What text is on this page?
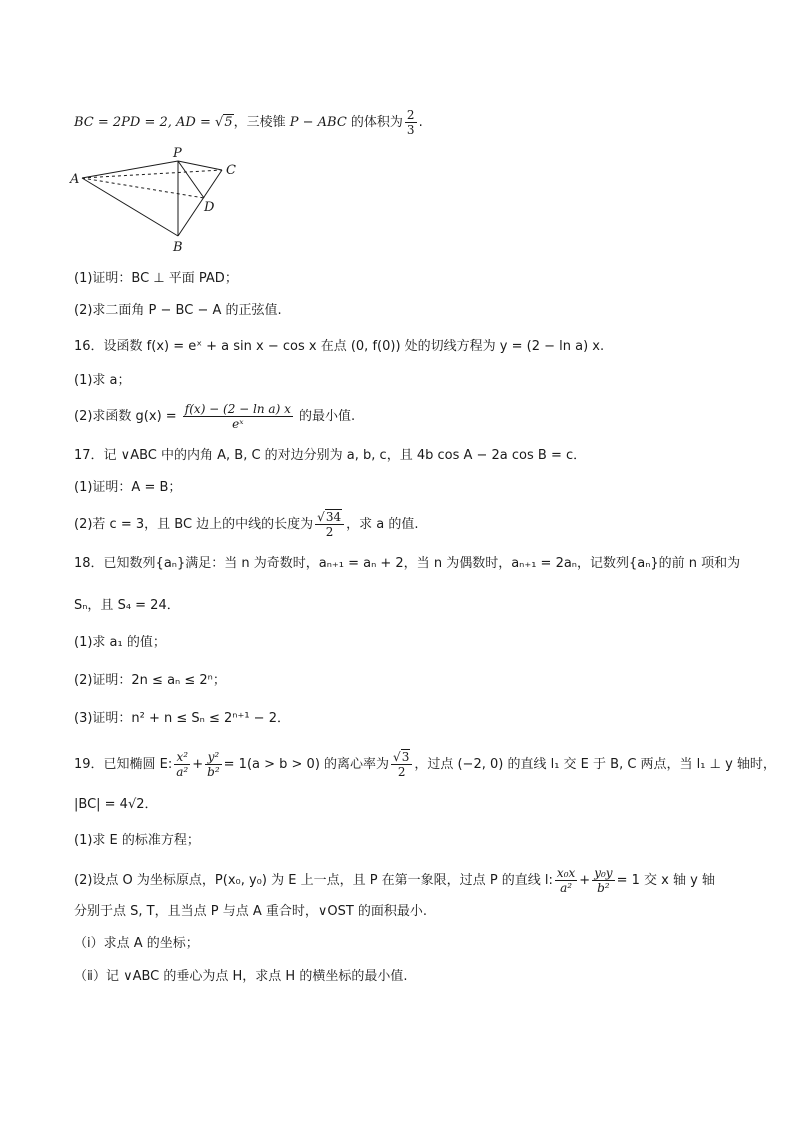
BC = 2PD = 2, AD = √5，三棱锥 P − ABC 的体积为 $\frac{2}{3}$ .
P
A
C
D
B
(1)证明：BC ⊥ 平面 PAD；
(2)求二面角 P − BC − A 的正弦值.
16．设函数 f(x) = eˣ + a sin x − cos x 在点 (0, f(0)) 处的切线方程为 y = (2 − ln a) x.
(1)求 a；
(2)求函数 $g(x) = \frac{\text{f(x) − (2 − ln a) x}}{\text{eˣ}}$ 的最小值.
17．记 ∨ABC 中的内角 A, B, C 的对边分别为 a, b, c，且 4b cos A − 2a cos B = c．
(1)证明：A = B；
(2)若 c = 3，且 BC 边上的中线的长度为 $\frac{√34}{2}$ ，求 a 的值.
18．已知数列{aₙ}满足：当 n 为奇数时，aₙ₊₁ = aₙ + 2，当 n 为偶数时，aₙ₊₁ = 2aₙ，记数列{aₙ}的前 n 项和为
Sₙ，且 S₄ = 24．
(1)求 a₁ 的值；
(2)证明：2n ≤ aₙ ≤ 2ⁿ；
(3)证明：n² + n ≤ Sₙ ≤ 2ⁿ⁺¹ − 2．
19．已知椭圆 E: $\frac{\text{x²}}{\text{a²}} + \frac{\text{y²}}{\text{b²}} = 1(a > b > 0)$ 的离心率为 $\frac{√3}{2}$ ，过点 (−2, 0) 的直线 l₁ 交 E 于 B, C 两点，当 l₁ ⊥ y 轴时，
|BC| = 4√2．
(1)求 E 的标准方程；
(2)设点 O 为坐标原点，P(x₀, y₀) 为 E 上一点，且 P 在第一象限，过点 P 的直线 l: $\frac{\text{x₀x}}{\text{a²}} + \frac{\text{y₀y}}{\text{b²}} = 1$ 交 x 轴 y 轴
分别于点 S, T，且当点 P 与点 A 重合时，∨OST 的面积最小.
（ⅰ）求点 A 的坐标；
（ⅱ）记 ∨ABC 的垂心为点 H，求点 H 的横坐标的最小值.
